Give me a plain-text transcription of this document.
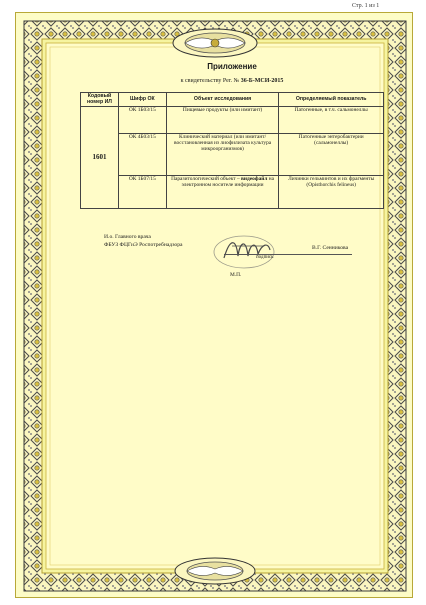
Стр. 1 из 1
Приложение
к свидетельству Рег. № 36-Б-МСИ-2015
Кодовый номер ИЛ	Шифр ОК	Объект исследования	Определяемый показатель
1601	ОК 1Б03/15	Пищевые продукты (или имитант)	Патогенные, в т.ч. сальмонеллы
	ОК 4Б03/15	Клинический материал (или имитант/восстановленная из лиофилизата культура микроорганизмов)	Патогенные энтеробактерии (сальмонеллы)
	ОК 1Б07/15	Паразитологический объект – видеофайл на электронном носителе информации	Личинки гельминтов и их фрагменты (Opisthorchis felineus)
И.о. Главного врача
ФБУЗ ФЦГиЭ Роспотребнадзора
подпись
В.Г. Сенникова
М.П.
